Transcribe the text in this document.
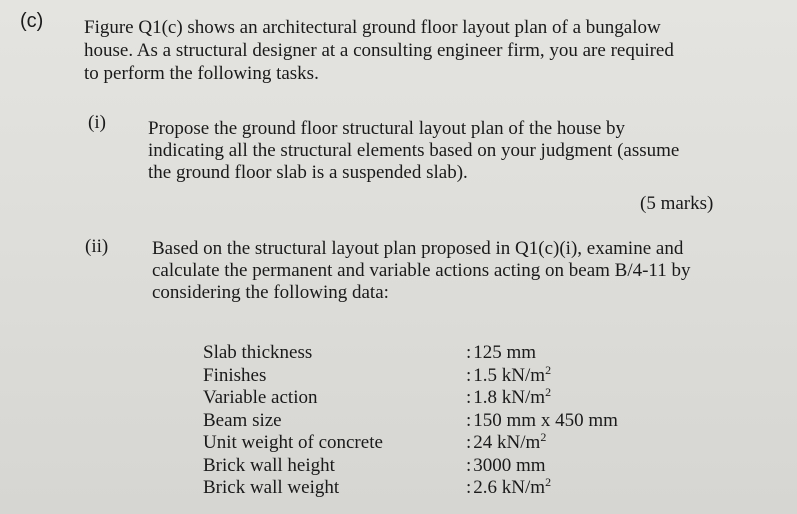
(c) Figure Q1(c) shows an architectural ground floor layout plan of a bungalow
house. As a structural designer at a consulting engineer firm, you are required
to perform the following tasks.
(i) Propose the ground floor structural layout plan of the house by
indicating all the structural elements based on your judgment (assume
the ground floor slab is a suspended slab).
(5 marks)
(ii) Based on the structural layout plan proposed in Q1(c)(i), examine and
calculate the permanent and variable actions acting on beam B/4-11 by
considering the following data:
Slab thickness
Finishes
Variable action
Beam size
Unit weight of concrete
Brick wall height
Brick wall weight
: 125 mm
: 1.5 $kN/m^2$
: 1.8 $kN/m^2$
: 150 mm x 450 mm
: 24 $kN/m^2$
: 3000 mm
: 2.6 $kN/m^2$
